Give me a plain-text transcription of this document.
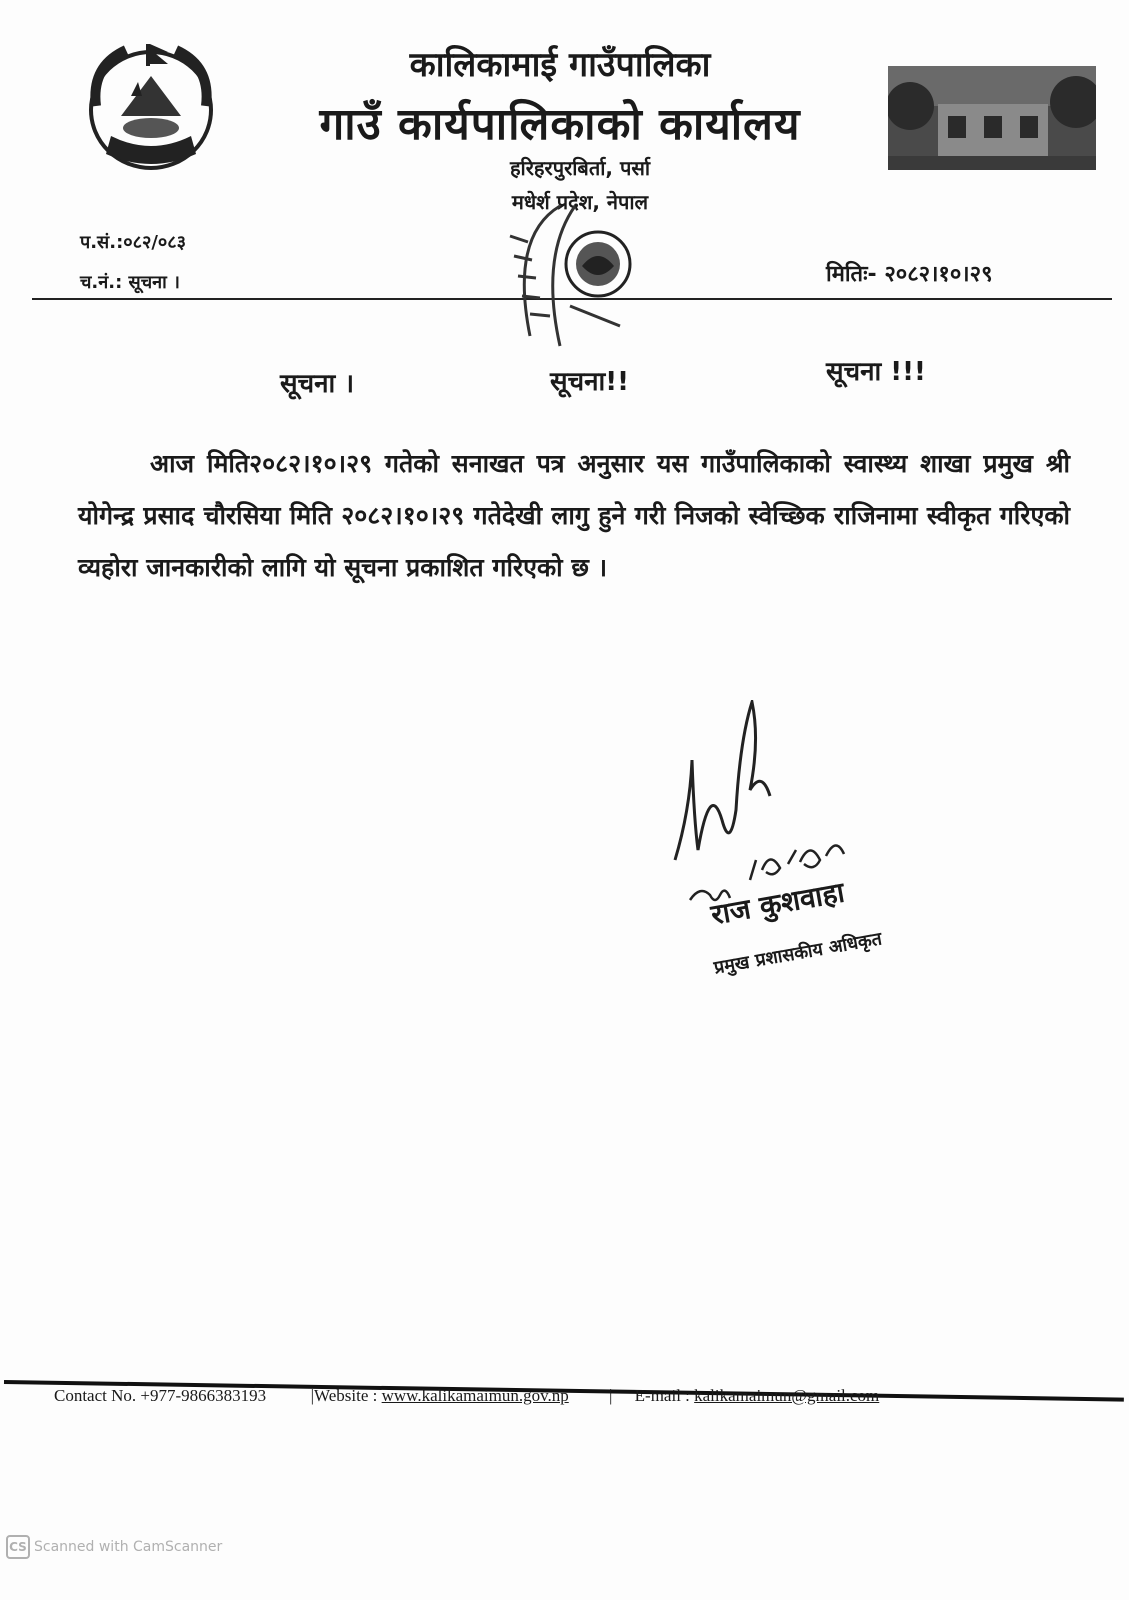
कालिकामाई गाउँपालिका
गाउँ कार्यपालिकाको कार्यालय
हरिहरपुरबिर्ता, पर्सा
मधेर्श प्रदेश, नेपाल
प.सं.:०८२/०८३
च.नं.: सूचना ।	मितिः- २०८२।१०।२९
सूचना ।	सूचना!!	सूचना !!!
आज मिति२०८२।१०।२९ गतेको सनाखत पत्र अनुसार यस गाउँपालिकाको स्वास्थ्य शाखा प्रमुख श्री योगेन्द्र प्रसाद चौरसिया मिति २०८२।१०।२९ गतेदेखी लागु हुने गरी निजको स्वेच्छिक राजिनामा स्वीकृत गरिएको व्यहोरा जानकारीको लागि यो सूचना प्रकाशित गरिएको छ ।
राज कुशवाहा
प्रमुख प्रशासकीय अधिकृत
Contact No. +977-9866383193	|Website : www.kalikamaimun.gov.np | E-mail : kalikamaimun@gmail.com
CS Scanned with CamScanner
